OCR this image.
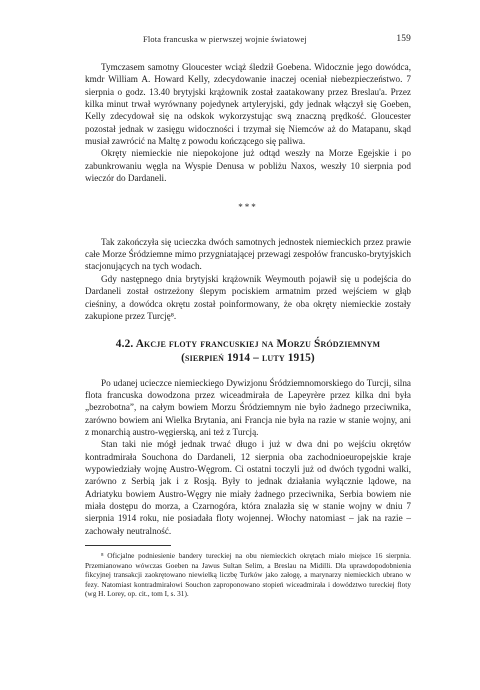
Flota francuska w pierwszej wojnie światowej	159

Tymczasem samotny Gloucester wciąż śledził Goebena. Widocznie jego dowódca, kmdr William A. Howard Kelly, zdecydowanie inaczej oceniał niebezpieczeństwo. 7 sierpnia o godz. 13.40 brytyjski krążownik został zaatakowany przez Breslau'a. Przez kilka minut trwał wyrównany pojedynek artyleryjski, gdy jednak włączył się Goeben, Kelly zdecydował się na odskok wykorzystując swą znaczną prędkość. Gloucester pozostał jednak w zasięgu widoczności i trzymał się Niemców aż do Matapanu, skąd musiał zawrócić na Maltę z powodu kończącego się paliwa.

Okręty niemieckie nie niepokojone już odtąd weszły na Morze Egejskie i po zabunkrowaniu węgla na Wyspie Denusa w pobliżu Naxos, weszły 10 sierpnia pod wieczór do Dardaneli.

***

Tak zakończyła się ucieczka dwóch samotnych jednostek niemieckich przez prawie całe Morze Śródziemne mimo przygniatającej przewagi zespołów francusko-brytyjskich stacjonujących na tych wodach.

Gdy następnego dnia brytyjski krążownik Weymouth pojawił się u podejścia do Dardaneli został ostrzeżony ślepym pociskiem armatnim przed wejściem w głąb cieśniny, a dowódca okrętu został poinformowany, że oba okręty niemieckie zostały zakupione przez Turcję⁸.

4.2. Akcje floty francuskiej na Morzu Śródziemnym
(sierpień 1914 – luty 1915)

Po udanej ucieczce niemieckiego Dywizjonu Śródziemnomorskiego do Turcji, silna flota francuska dowodzona przez wiceadmirała de Lapeyrère przez kilka dni była „bezrobotna”, na całym bowiem Morzu Śródziemnym nie było żadnego przeciwnika, zarówno bowiem ani Wielka Brytania, ani Francja nie była na razie w stanie wojny, ani z monarchią austro-węgierską, ani też z Turcją.

Stan taki nie mógł jednak trwać długo i już w dwa dni po wejściu okrętów kontradmirała Souchona do Dardaneli, 12 sierpnia oba zachodnioeuropejskie kraje wypowiedziały wojnę Austro-Węgrom. Ci ostatni toczyli już od dwóch tygodni walki, zarówno z Serbią jak i z Rosją. Były to jednak działania wyłącznie lądowe, na Adriatyku bowiem Austro-Węgry nie miały żadnego przeciwnika, Serbia bowiem nie miała dostępu do morza, a Czarnogóra, która znalazła się w stanie wojny w dniu 7 sierpnia 1914 roku, nie posiadała floty wojennej. Włochy natomiast – jak na razie – zachowały neutralność.

⁸ Oficjalne podniesienie bandery tureckiej na obu niemieckich okrętach miało miejsce 16 sierpnia. Przemianowano wówczas Goeben na Jawus Sultan Selim, a Breslau na Midilli. Dla uprawdopodobnienia fikcyjnej transakcji zaokrętowano niewielką liczbę Turków jako załogę, a marynarzy niemieckich ubrano w fezy. Natomiast kontradmirałowi Souchon zaproponowano stopień wiceadmirała i dowództwo tureckiej floty (wg H. Lorey, op. cit., tom I, s. 31).
